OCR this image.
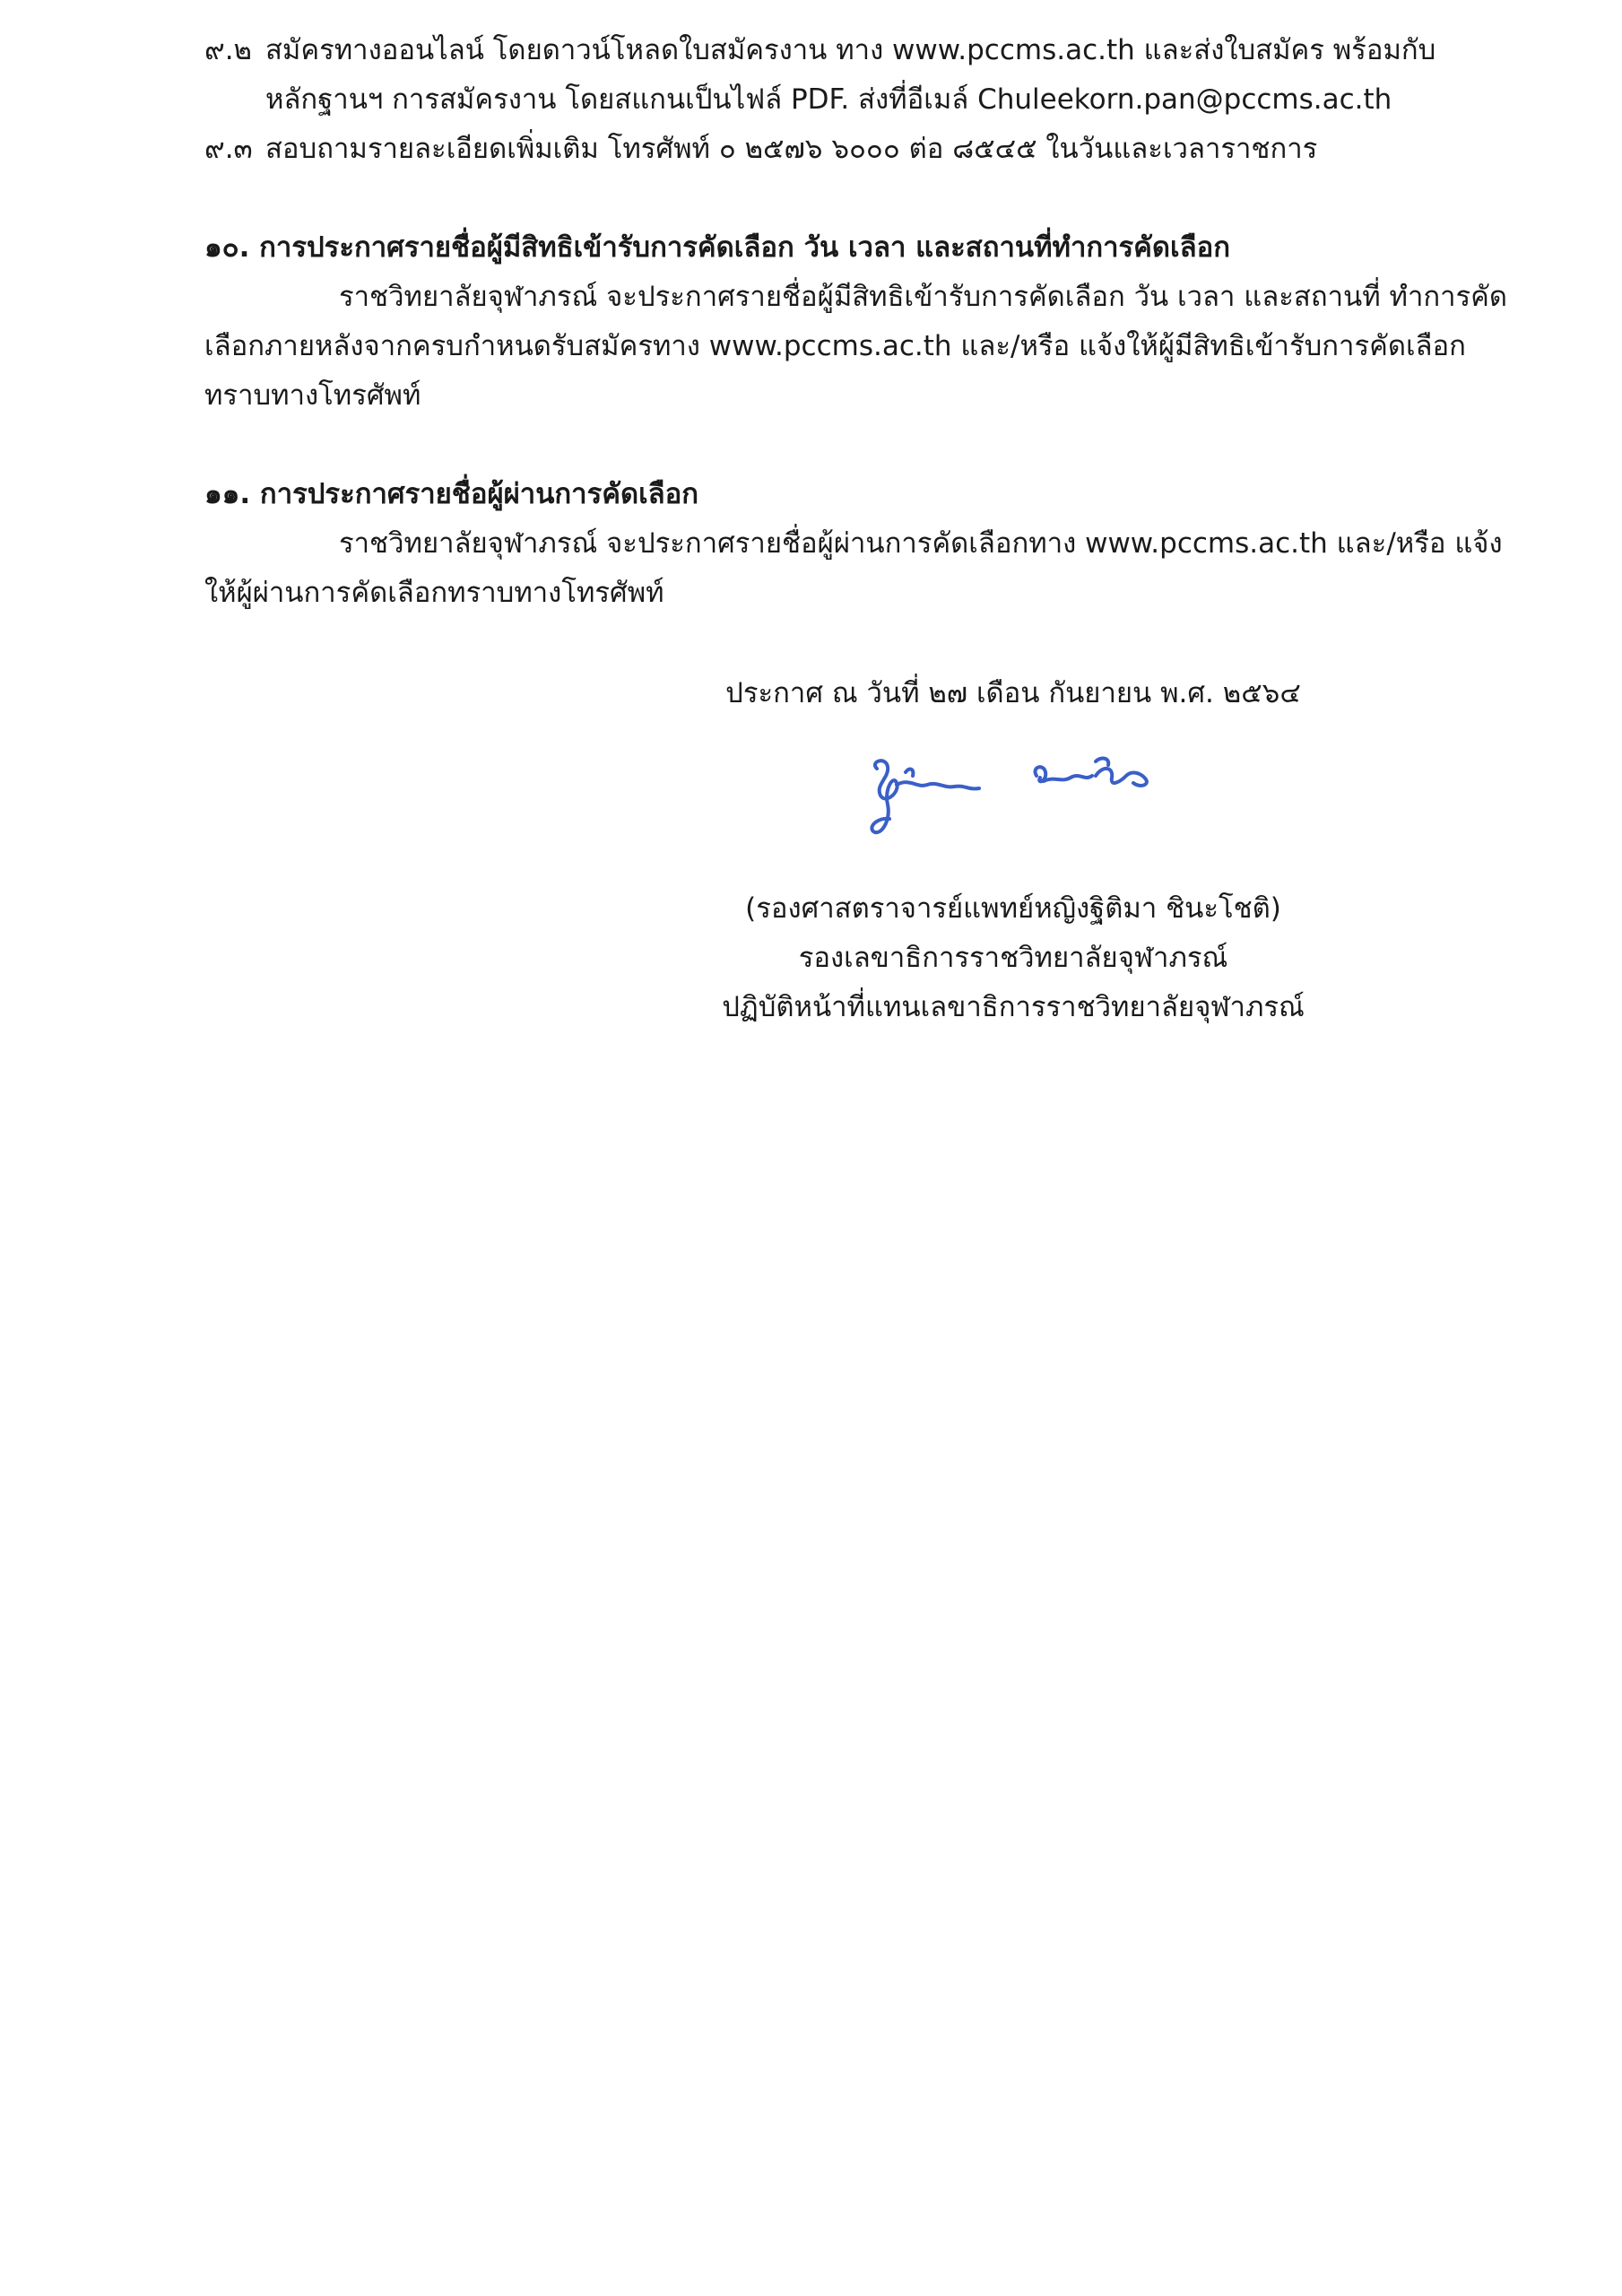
๙.๒ สมัครทางออนไลน์ โดยดาวน์โหลดใบสมัครงาน ทาง www.pccms.ac.th และส่งใบสมัคร พร้อมกับ
หลักฐานฯ การสมัครงาน โดยสแกนเป็นไฟล์ PDF. ส่งที่อีเมล์ Chuleekorn.pan@pccms.ac.th
๙.๓ สอบถามรายละเอียดเพิ่มเติม โทรศัพท์ ๐ ๒๕๗๖ ๖๐๐๐ ต่อ ๘๕๔๕ ในวันและเวลาราชการ
๑๐. การประกาศรายชื่อผู้มีสิทธิเข้ารับการคัดเลือก วัน เวลา และสถานที่ทำการคัดเลือก
ราชวิทยาลัยจุฬาภรณ์ จะประกาศรายชื่อผู้มีสิทธิเข้ารับการคัดเลือก วัน เวลา และสถานที่ ทำการคัด
เลือกภายหลังจากครบกำหนดรับสมัครทาง www.pccms.ac.th และ/หรือ แจ้งให้ผู้มีสิทธิเข้ารับการคัดเลือก
ทราบทางโทรศัพท์
๑๑. การประกาศรายชื่อผู้ผ่านการคัดเลือก
ราชวิทยาลัยจุฬาภรณ์ จะประกาศรายชื่อผู้ผ่านการคัดเลือกทาง www.pccms.ac.th และ/หรือ แจ้ง
ให้ผู้ผ่านการคัดเลือกทราบทางโทรศัพท์
ประกาศ ณ วันที่ ๒๗ เดือน กันยายน พ.ศ. ๒๕๖๔
(รองศาสตราจารย์แพทย์หญิงฐิติมา ชินะโชติ)
รองเลขาธิการราชวิทยาลัยจุฬาภรณ์
ปฏิบัติหน้าที่แทนเลขาธิการราชวิทยาลัยจุฬาภรณ์
